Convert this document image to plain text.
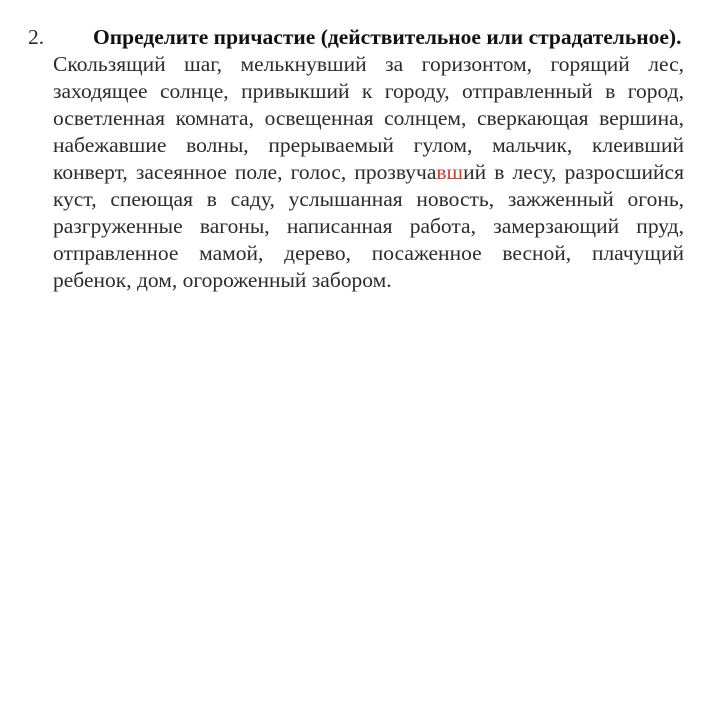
2.	Определите причастие (действительное или страдательное).
Скользящий шаг, мелькнувший за горизонтом, горящий лес, заходящее солнце, привыкший к городу, отправленный в город, осветленная комната, освещенная солнцем, сверкающая вершина, набежавшие волны, прерываемый гулом, мальчик, клеивший конверт, засеянное поле, голос, прозвучавший в лесу, разросшийся куст, спеющая в саду, услышанная новость, зажженный огонь, разгруженные вагоны, написанная работа, замерзающий пруд, отправленное мамой, дерево, посаженное весной, плачущий ребенок, дом, огороженный забором.
